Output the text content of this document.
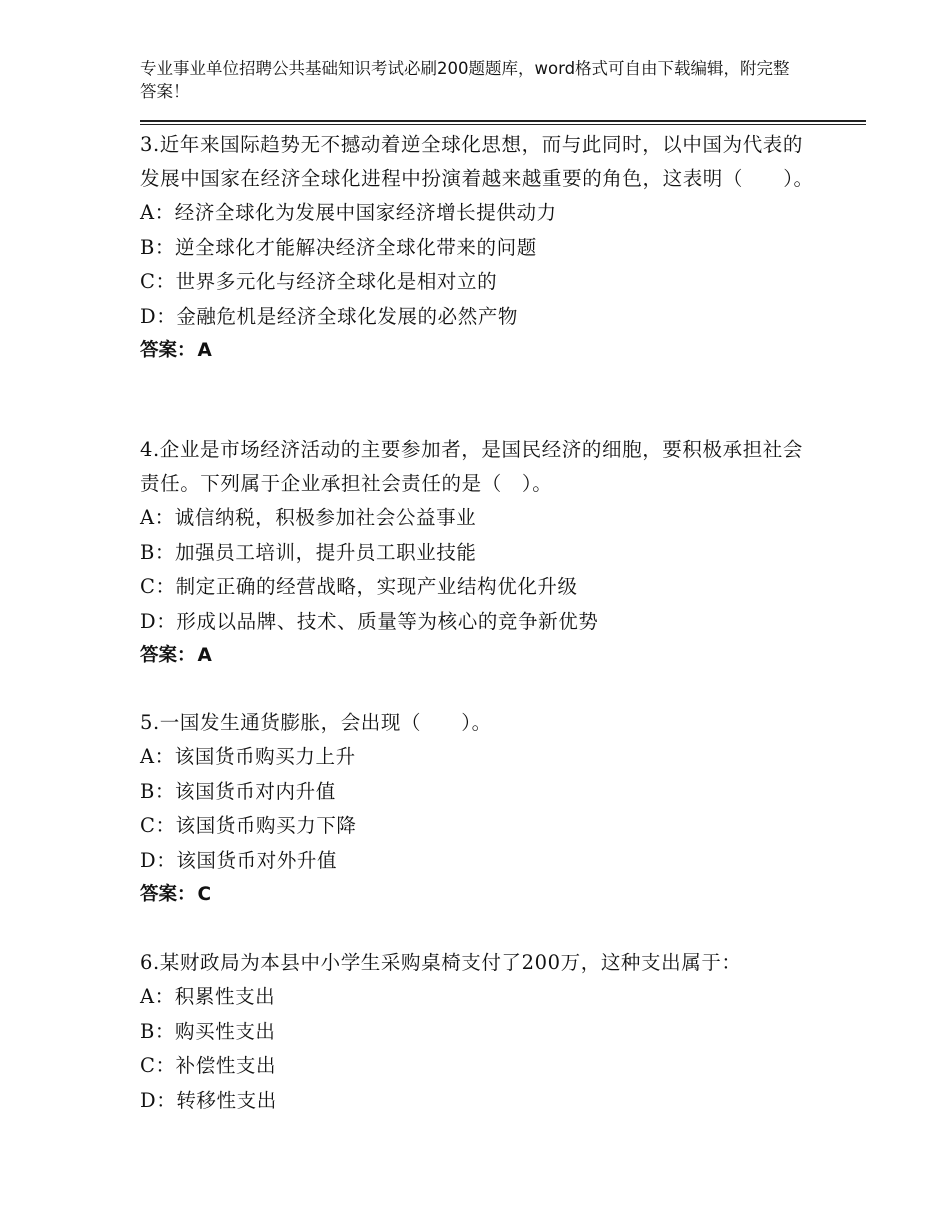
专业事业单位招聘公共基础知识考试必刷200题题库，word格式可自由下载编辑，附完整答案！

3.近年来国际趋势无不撼动着逆全球化思想，而与此同时，以中国为代表的发展中国家在经济全球化进程中扮演着越来越重要的角色，这表明（　　）。

A：经济全球化为发展中国家经济增长提供动力

B：逆全球化才能解决经济全球化带来的问题

C：世界多元化与经济全球化是相对立的

D：金融危机是经济全球化发展的必然产物

答案： A

4.企业是市场经济活动的主要参加者，是国民经济的细胞，要积极承担社会责任。下列属于企业承担社会责任的是（　）。

A：诚信纳税，积极参加社会公益事业

B：加强员工培训，提升员工职业技能

C：制定正确的经营战略，实现产业结构优化升级

D：形成以品牌、技术、质量等为核心的竞争新优势

答案： A

5.一国发生通货膨胀，会出现（　　）。

A：该国货币购买力上升

B：该国货币对内升值

C：该国货币购买力下降

D：该国货币对外升值

答案： C

6.某财政局为本县中小学生采购桌椅支付了200万，这种支出属于：

A：积累性支出

B：购买性支出

C：补偿性支出

D：转移性支出
